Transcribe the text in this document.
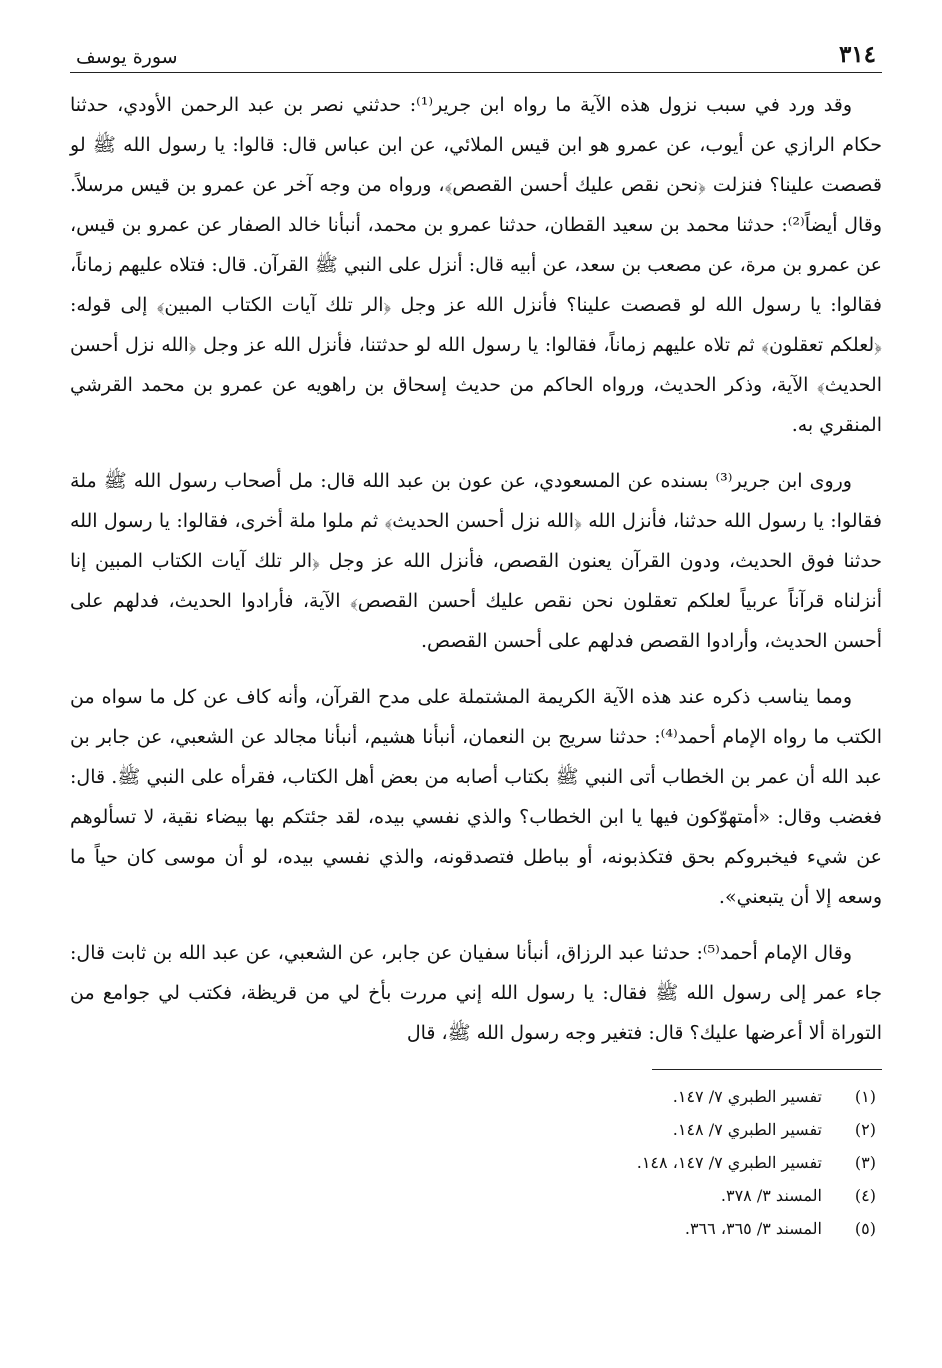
٣١٤
سورة يوسف

وقد ورد في سبب نزول هذه الآية ما رواه ابن جرير⁽¹⁾: حدثني نصر بن عبد الرحمن الأودي، حدثنا حكام الرازي عن أيوب، عن عمرو هو ابن قيس الملائي، عن ابن عباس قال: قالوا: يا رسول الله ﷺ لو قصصت علينا؟ فنزلت ﴿نحن نقص عليك أحسن القصص﴾، ورواه من وجه آخر عن عمرو بن قيس مرسلاً. وقال أيضاً⁽²⁾: حدثنا محمد بن سعيد القطان، حدثنا عمرو بن محمد، أنبأنا خالد الصفار عن عمرو بن قيس، عن عمرو بن مرة، عن مصعب بن سعد، عن أبيه قال: أنزل على النبي ﷺ القرآن. قال: فتلاه عليهم زماناً، فقالوا: يا رسول الله لو قصصت علينا؟ فأنزل الله عز وجل ﴿الر تلك آيات الكتاب المبين﴾ إلى قوله: ﴿لعلكم تعقلون﴾ ثم تلاه عليهم زماناً، فقالوا: يا رسول الله لو حدثتنا، فأنزل الله عز وجل ﴿الله نزل أحسن الحديث﴾ الآية، وذكر الحديث، ورواه الحاكم من حديث إسحاق بن راهويه عن عمرو بن محمد القرشي المنقري به.

وروى ابن جرير⁽³⁾ بسنده عن المسعودي، عن عون بن عبد الله قال: مل أصحاب رسول الله ﷺ ملة فقالوا: يا رسول الله حدثنا، فأنزل الله ﴿الله نزل أحسن الحديث﴾ ثم ملوا ملة أخرى، فقالوا: يا رسول الله حدثنا فوق الحديث، ودون القرآن يعنون القصص، فأنزل الله عز وجل ﴿الر تلك آيات الكتاب المبين إنا أنزلناه قرآناً عربياً لعلكم تعقلون نحن نقص عليك أحسن القصص﴾ الآية، فأرادوا الحديث، فدلهم على أحسن الحديث، وأرادوا القصص فدلهم على أحسن القصص.

ومما يناسب ذكره عند هذه الآية الكريمة المشتملة على مدح القرآن، وأنه كاف عن كل ما سواه من الكتب ما رواه الإمام أحمد⁽⁴⁾: حدثنا سريج بن النعمان، أنبأنا هشيم، أنبأنا مجالد عن الشعبي، عن جابر بن عبد الله أن عمر بن الخطاب أتى النبي ﷺ بكتاب أصابه من بعض أهل الكتاب، فقرأه على النبي ﷺ. قال: فغضب وقال: «أمتهوّكون فيها يا ابن الخطاب؟ والذي نفسي بيده، لقد جئتكم بها بيضاء نقية، لا تسألوهم عن شيء فيخبروكم بحق فتكذبونه، أو بباطل فتصدقونه، والذي نفسي بيده، لو أن موسى كان حياً ما وسعه إلا أن يتبعني».

وقال الإمام أحمد⁽⁵⁾: حدثنا عبد الرزاق، أنبأنا سفيان عن جابر، عن الشعبي، عن عبد الله بن ثابت قال: جاء عمر إلى رسول الله ﷺ فقال: يا رسول الله إني مررت بأخ لي من قريظة، فكتب لي جوامع من التوراة ألا أعرضها عليك؟ قال: فتغير وجه رسول الله ﷺ، قال

(١)
تفسير الطبري ٧/ ١٤٧.
(٢)
تفسير الطبري ٧/ ١٤٨.
(٣)
تفسير الطبري ٧/ ١٤٧، ١٤٨.
(٤)
المسند ٣/ ٣٧٨.
(٥)
المسند ٣/ ٣٦٥، ٣٦٦.
